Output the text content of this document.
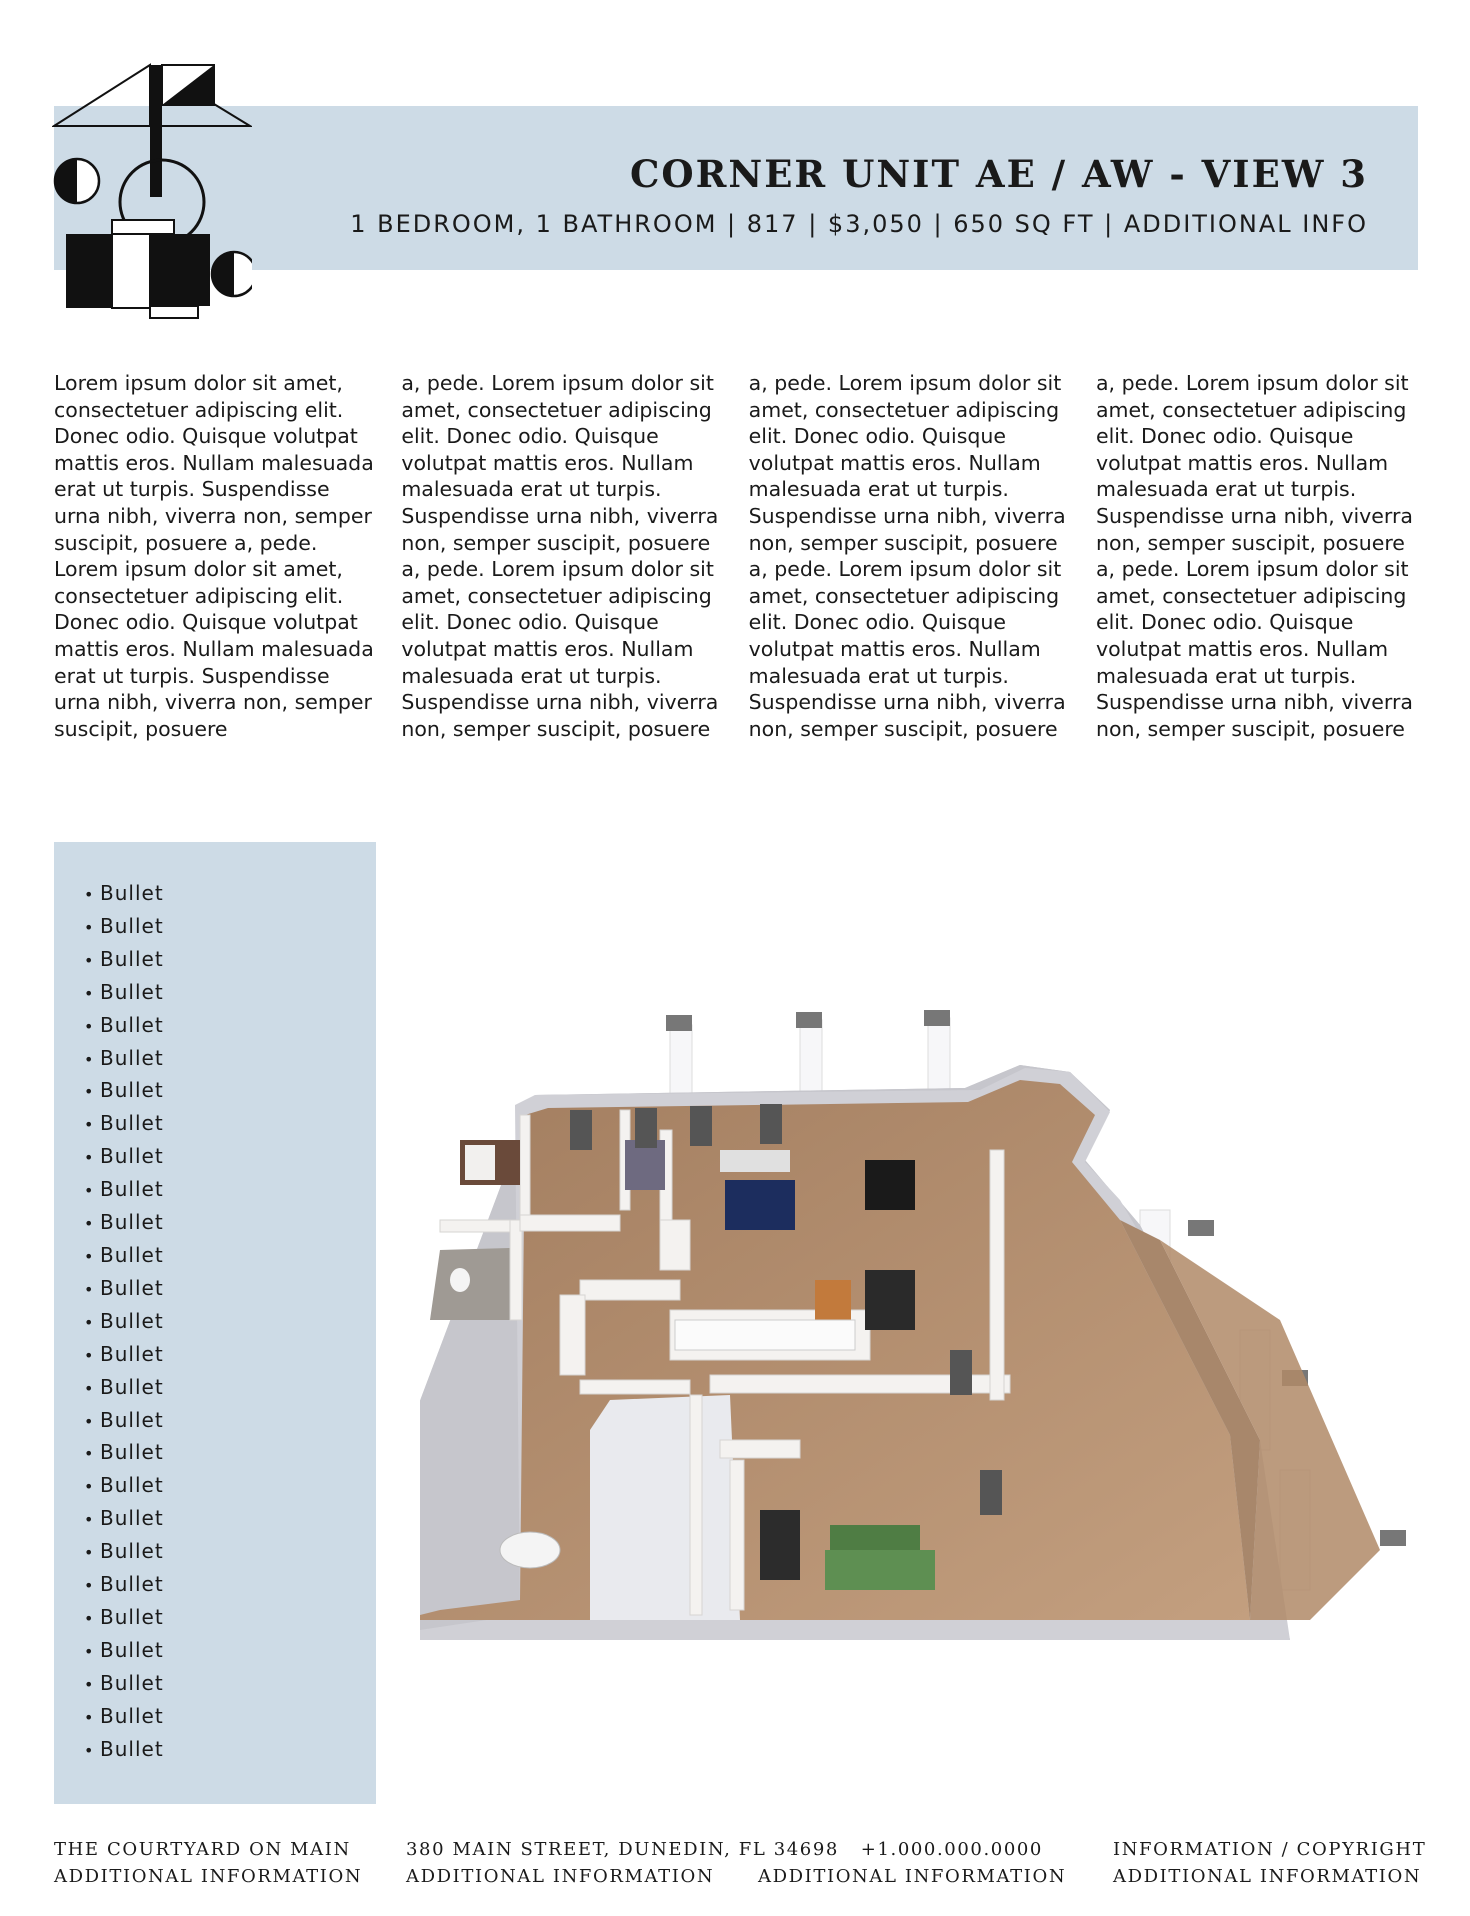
CORNER UNIT AE / AW - VIEW 3
1 BEDROOM, 1 BATHROOM | 817 | $3,050 | 650 SQ FT | ADDITIONAL INFO
Lorem ipsum dolor sit amet, consectetuer adipiscing elit. Donec odio. Quisque volutpat mattis eros. Nullam malesuada erat ut turpis. Suspendisse urna nibh, viverra non, semper suscipit, posuere a, pede. Lorem ipsum dolor sit amet, consectetuer adipiscing elit. Donec odio. Quisque volutpat mattis eros. Nullam malesuada erat ut turpis. Suspendisse urna nibh, viverra non, semper suscipit, posuere
a, pede. Lorem ipsum dolor sit amet, consectetuer adipiscing elit. Donec odio. Quisque volutpat mattis eros. Nullam malesuada erat ut turpis. Suspendisse urna nibh, viverra non, semper suscipit, posuere a, pede. Lorem ipsum dolor sit amet, consectetuer adipiscing elit. Donec odio. Quisque volutpat mattis eros. Nullam malesuada erat ut turpis. Suspendisse urna nibh, viverra non, semper suscipit, posuere
a, pede. Lorem ipsum dolor sit amet, consectetuer adipiscing elit. Donec odio. Quisque volutpat mattis eros. Nullam malesuada erat ut turpis. Suspendisse urna nibh, viverra non, semper suscipit, posuere a, pede. Lorem ipsum dolor sit amet, consectetuer adipiscing elit. Donec odio. Quisque volutpat mattis eros. Nullam malesuada erat ut turpis. Suspendisse urna nibh, viverra non, semper suscipit, posuere
a, pede. Lorem ipsum dolor sit amet, consectetuer adipiscing elit. Donec odio. Quisque volutpat mattis eros. Nullam malesuada erat ut turpis. Suspendisse urna nibh, viverra non, semper suscipit, posuere a, pede. Lorem ipsum dolor sit amet, consectetuer adipiscing elit. Donec odio. Quisque volutpat mattis eros. Nullam malesuada erat ut turpis. Suspendisse urna nibh, viverra non, semper suscipit, posuere
• Bullet
• Bullet
• Bullet
• Bullet
• Bullet
• Bullet
• Bullet
• Bullet
• Bullet
• Bullet
• Bullet
• Bullet
• Bullet
• Bullet
• Bullet
• Bullet
• Bullet
• Bullet
• Bullet
• Bullet
• Bullet
• Bullet
• Bullet
• Bullet
• Bullet
• Bullet
• Bullet
THE COURTYARD ON MAIN
ADDITIONAL INFORMATION
380 MAIN STREET, DUNEDIN, FL 34698
ADDITIONAL INFORMATION
+1.000.000.0000
ADDITIONAL INFORMATION
INFORMATION / COPYRIGHT
ADDITIONAL INFORMATION
